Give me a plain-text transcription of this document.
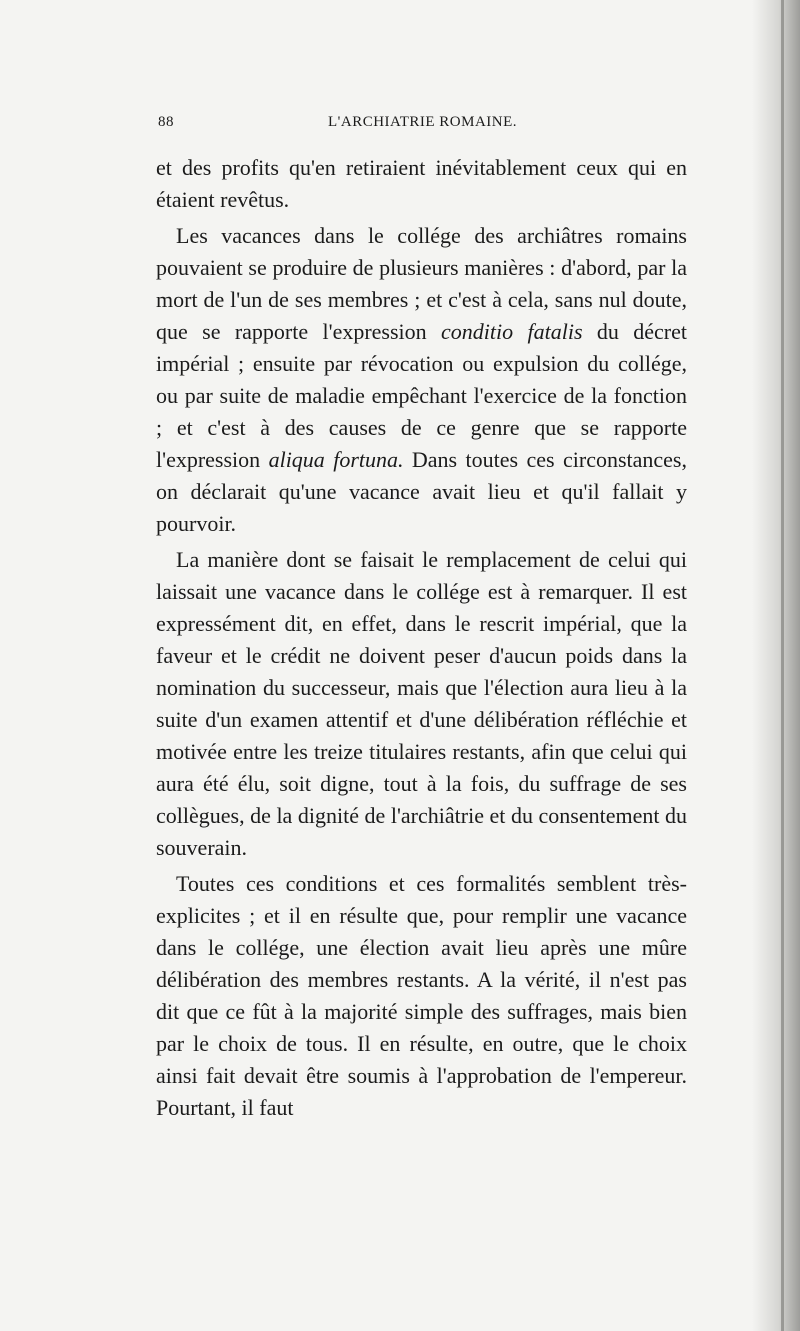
88	L'ARCHIATRIE ROMAINE.

et des profits qu'en retiraient inévitablement ceux qui en étaient revêtus.

Les vacances dans le collége des archiâtres romains pouvaient se produire de plusieurs manières : d'abord, par la mort de l'un de ses membres ; et c'est à cela, sans nul doute, que se rapporte l'expression conditio fatalis du décret impérial ; ensuite par révocation ou expulsion du collége, ou par suite de maladie empêchant l'exercice de la fonction ; et c'est à des causes de ce genre que se rapporte l'expression aliqua fortuna. Dans toutes ces circonstances, on déclarait qu'une vacance avait lieu et qu'il fallait y pourvoir.

La manière dont se faisait le remplacement de celui qui laissait une vacance dans le collége est à remarquer. Il est expressément dit, en effet, dans le rescrit impérial, que la faveur et le crédit ne doivent peser d'aucun poids dans la nomination du successeur, mais que l'élection aura lieu à la suite d'un examen attentif et d'une délibération réfléchie et motivée entre les treize titulaires restants, afin que celui qui aura été élu, soit digne, tout à la fois, du suffrage de ses collègues, de la dignité de l'archiâtrie et du consentement du souverain.

Toutes ces conditions et ces formalités semblent très-explicites ; et il en résulte que, pour remplir une vacance dans le collége, une élection avait lieu après une mûre délibération des membres restants. A la vérité, il n'est pas dit que ce fût à la majorité simple des suffrages, mais bien par le choix de tous. Il en résulte, en outre, que le choix ainsi fait devait être soumis à l'approbation de l'empereur. Pourtant, il faut
